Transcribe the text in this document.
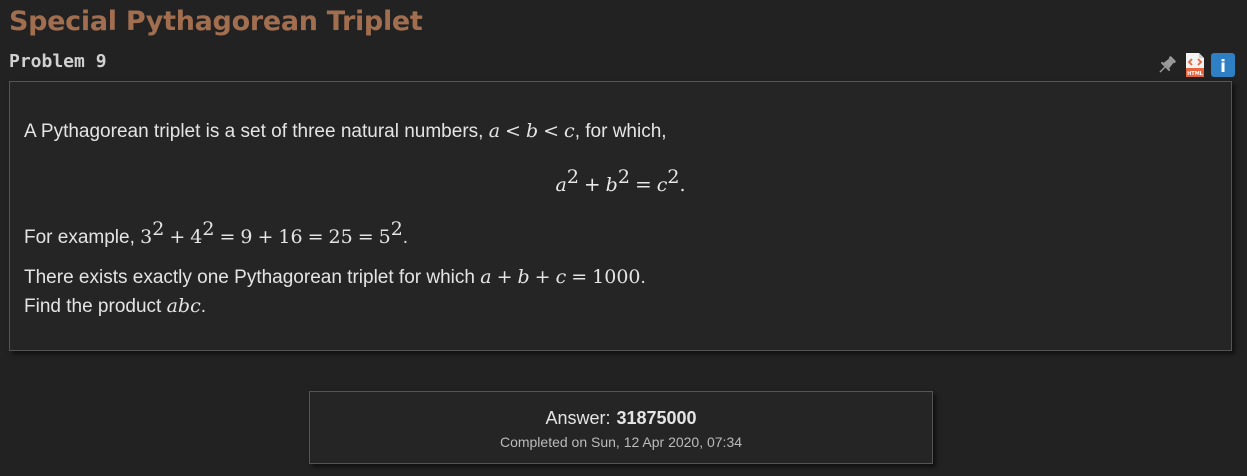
Special Pythagorean Triplet
Problem 9
HTML i
A Pythagorean triplet is a set of three natural numbers, a < b < c, for which,
$a^2 + b^2 = c^2$.
For example, $3^2 + 4^2 = 9 + 16 = 25 = 5^2$.
There exists exactly one Pythagorean triplet for which a + b + c = 1000.
Find the product abc.
Answer: 31875000
Completed on Sun, 12 Apr 2020, 07:34
